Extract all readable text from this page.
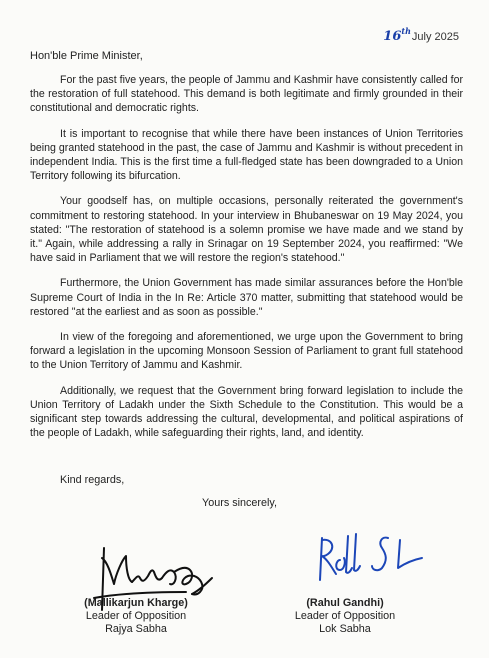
16thJuly 2025
Hon'ble Prime Minister,

For the past five years, the people of Jammu and Kashmir have consistently called for the restoration of full statehood. This demand is both legitimate and firmly grounded in their constitutional and democratic rights.

It is important to recognise that while there have been instances of Union Territories being granted statehood in the past, the case of Jammu and Kashmir is without precedent in independent India. This is the first time a full-fledged state has been downgraded to a Union Territory following its bifurcation.

Your goodself has, on multiple occasions, personally reiterated the government's commitment to restoring statehood. In your interview in Bhubaneswar on 19 May 2024, you stated: "The restoration of statehood is a solemn promise we have made and we stand by it." Again, while addressing a rally in Srinagar on 19 September 2024, you reaffirmed: "We have said in Parliament that we will restore the region's statehood."

Furthermore, the Union Government has made similar assurances before the Hon'ble Supreme Court of India in the In Re: Article 370 matter, submitting that statehood would be restored "at the earliest and as soon as possible."

In view of the foregoing and aforementioned, we urge upon the Government to bring forward a legislation in the upcoming Monsoon Session of Parliament to grant full statehood to the Union Territory of Jammu and Kashmir.

Additionally, we request that the Government bring forward legislation to include the Union Territory of Ladakh under the Sixth Schedule to the Constitution. This would be a significant step towards addressing the cultural, developmental, and political aspirations of the people of Ladakh, while safeguarding their rights, land, and identity.

Kind regards,
Yours sincerely,
(Mallikarjun Kharge)
Leader of Opposition
Rajya Sabha
(Rahul Gandhi)
Leader of Opposition
Lok Sabha
